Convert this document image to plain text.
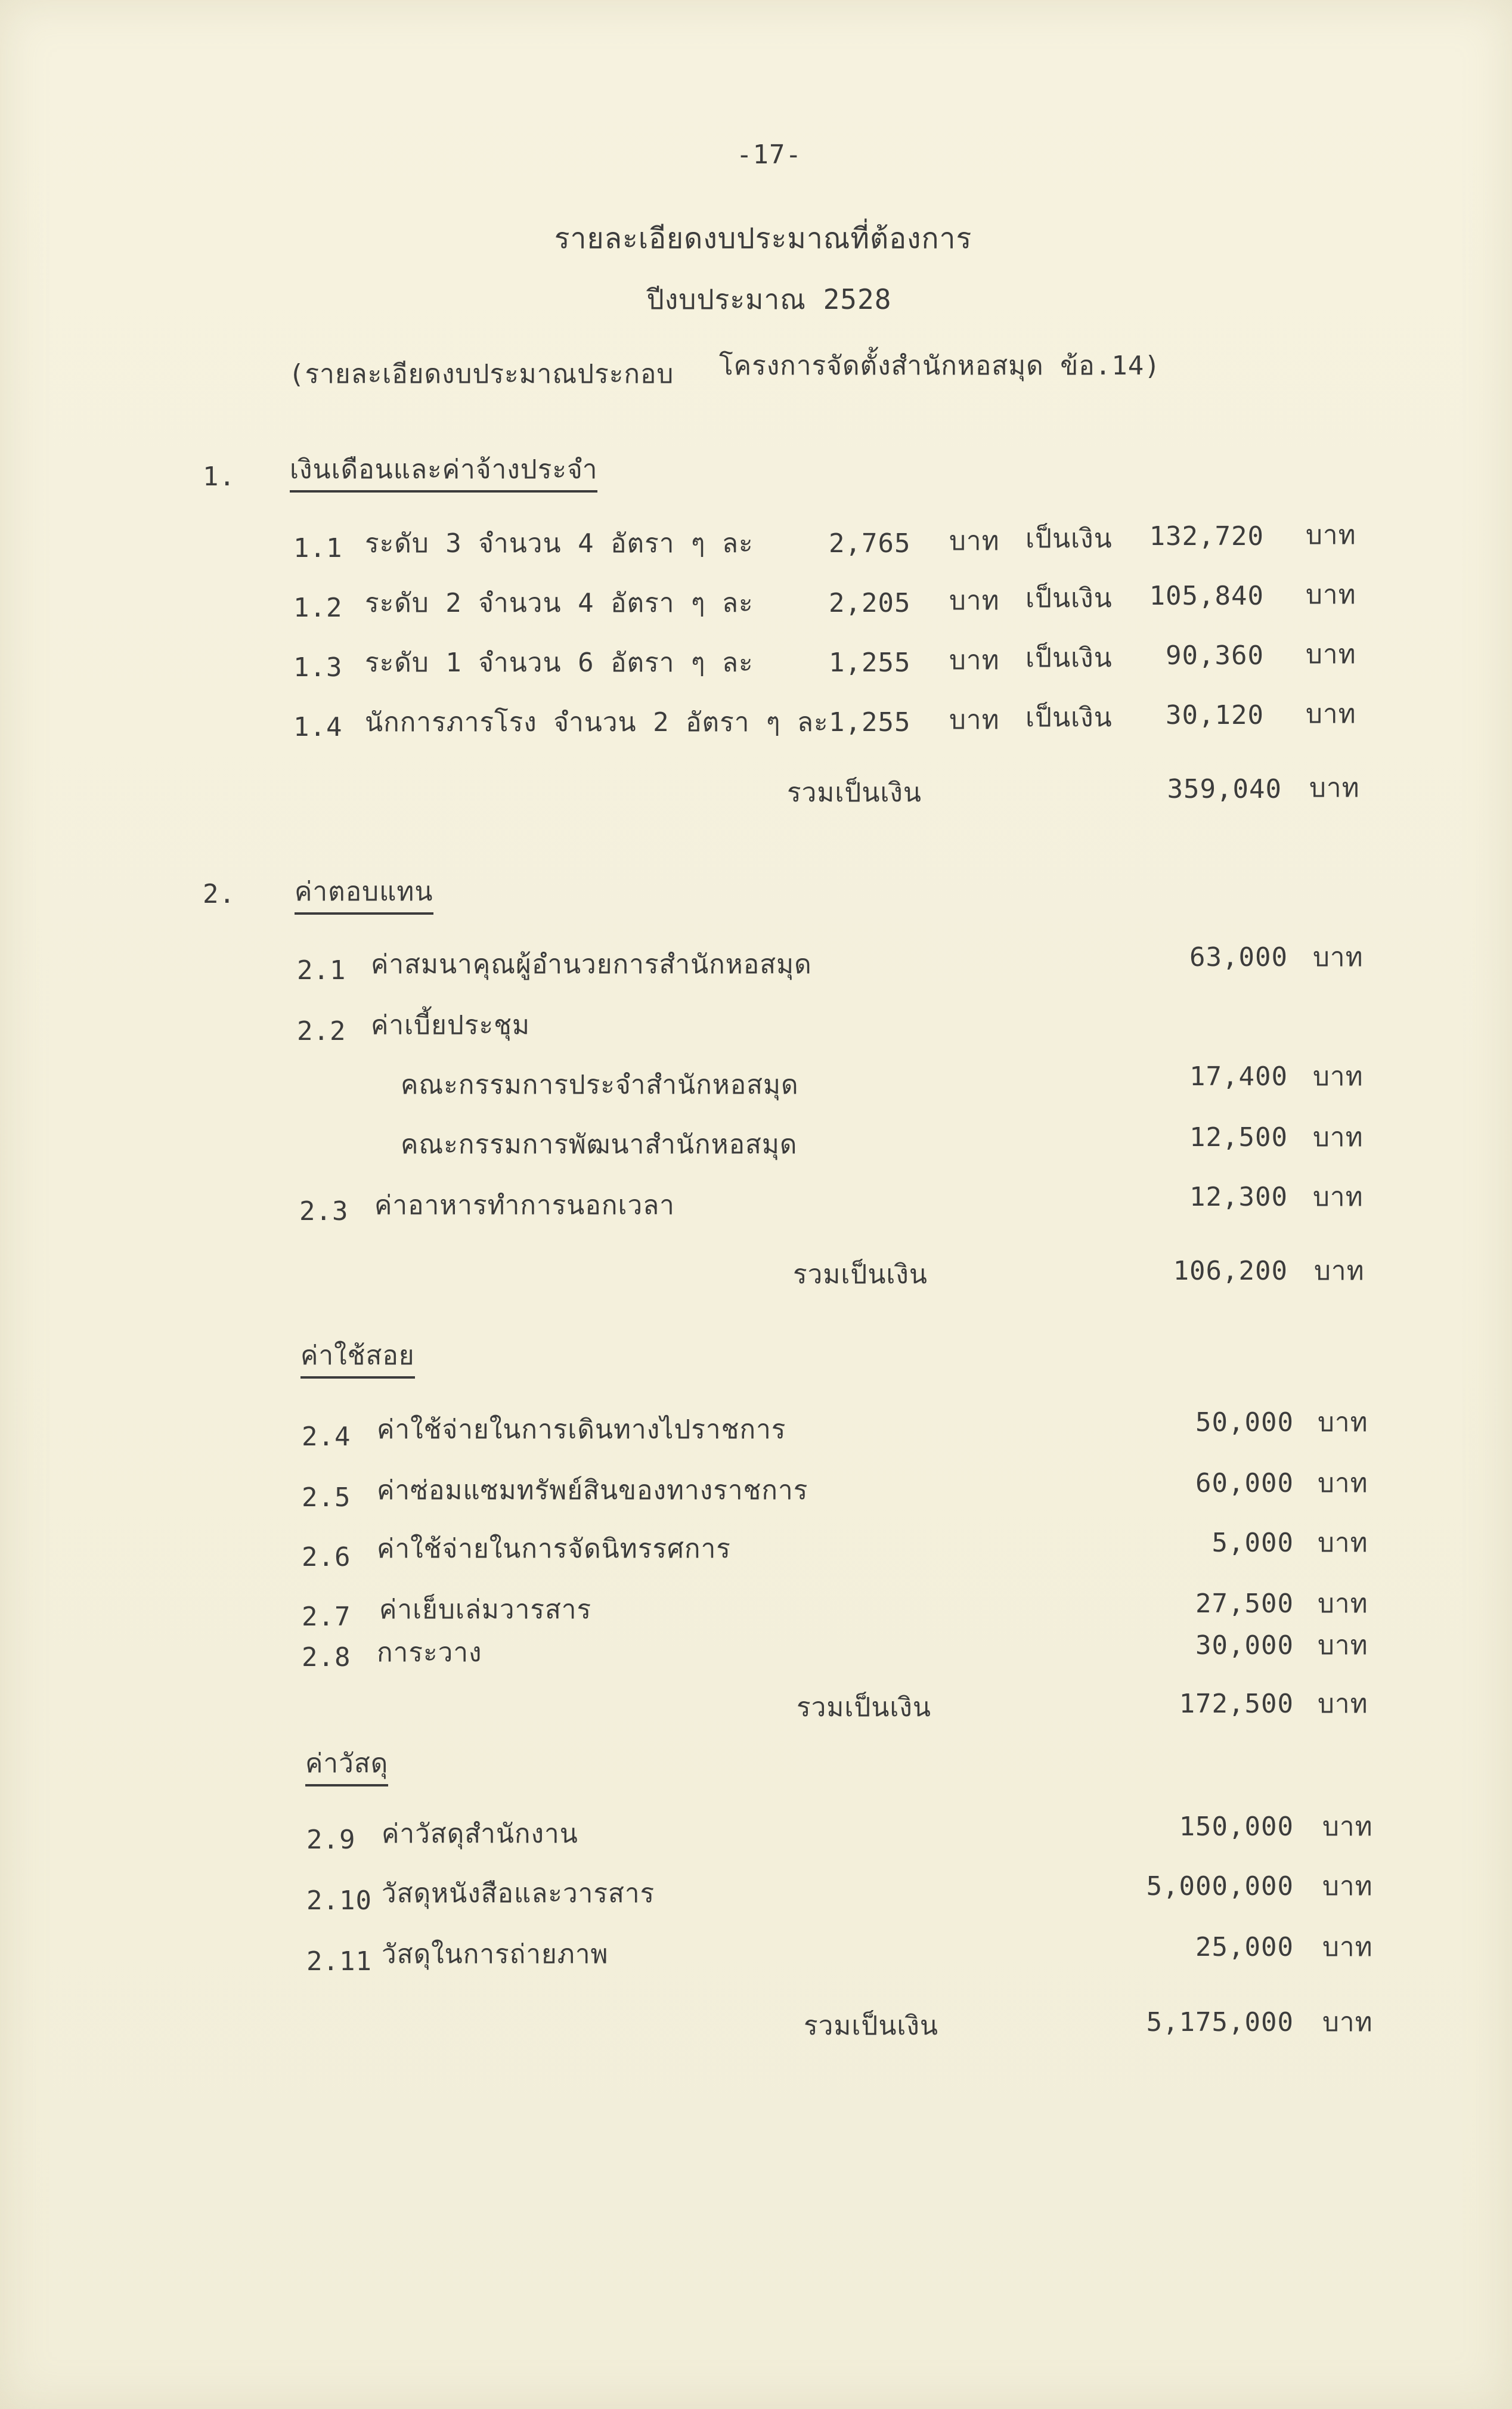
-17-
รายละเอียดงบประมาณที่ต้องการ
ปีงบประมาณ 2528
(รายละเอียดงบประมาณประกอบ โครงการจัดตั้งสำนักหอสมุด ข้อ.14)
1. เงินเดือนและค่าจ้างประจำ
1.1 ระดับ 3 จำนวน 4 อัตรา ๆ ละ	2,765 บาท เป็นเงิน	132,720 บาท
1.2 ระดับ 2 จำนวน 4 อัตรา ๆ ละ	2,205 บาท เป็นเงิน	105,840 บาท
1.3 ระดับ 1 จำนวน 6 อัตรา ๆ ละ	1,255 บาท เป็นเงิน	90,360 บาท
1.4 นักการภารโรง จำนวน 2 อัตรา ๆ ละ 1,255 บาท เป็นเงิน	30,120 บาท
รวมเป็นเงิน	359,040 บาท
2. ค่าตอบแทน
2.1 ค่าสมนาคุณผู้อำนวยการสำนักหอสมุด	63,000 บาท
2.2 ค่าเบี้ยประชุม
คณะกรรมการประจำสำนักหอสมุด	17,400 บาท
คณะกรรมการพัฒนาสำนักหอสมุด	12,500 บาท
2.3 ค่าอาหารทำการนอกเวลา	12,300 บาท
รวมเป็นเงิน	106,200 บาท
ค่าใช้สอย
2.4 ค่าใช้จ่ายในการเดินทางไปราชการ	50,000 บาท
2.5 ค่าซ่อมแซมทรัพย์สินของทางราชการ	60,000 บาท
2.6 ค่าใช้จ่ายในการจัดนิทรรศการ	5,000 บาท
2.7 ค่าเย็บเล่มวารสาร	27,500 บาท
2.8 การะวาง	30,000 บาท
รวมเป็นเงิน	172,500 บาท
ค่าวัสดุ
2.9 ค่าวัสดุสำนักงาน	150,000 บาท
2.10 วัสดุหนังสือและวารสาร	5,000,000 บาท
2.11 วัสดุในการถ่ายภาพ	25,000 บาท
รวมเป็นเงิน	5,175,000 บาท
